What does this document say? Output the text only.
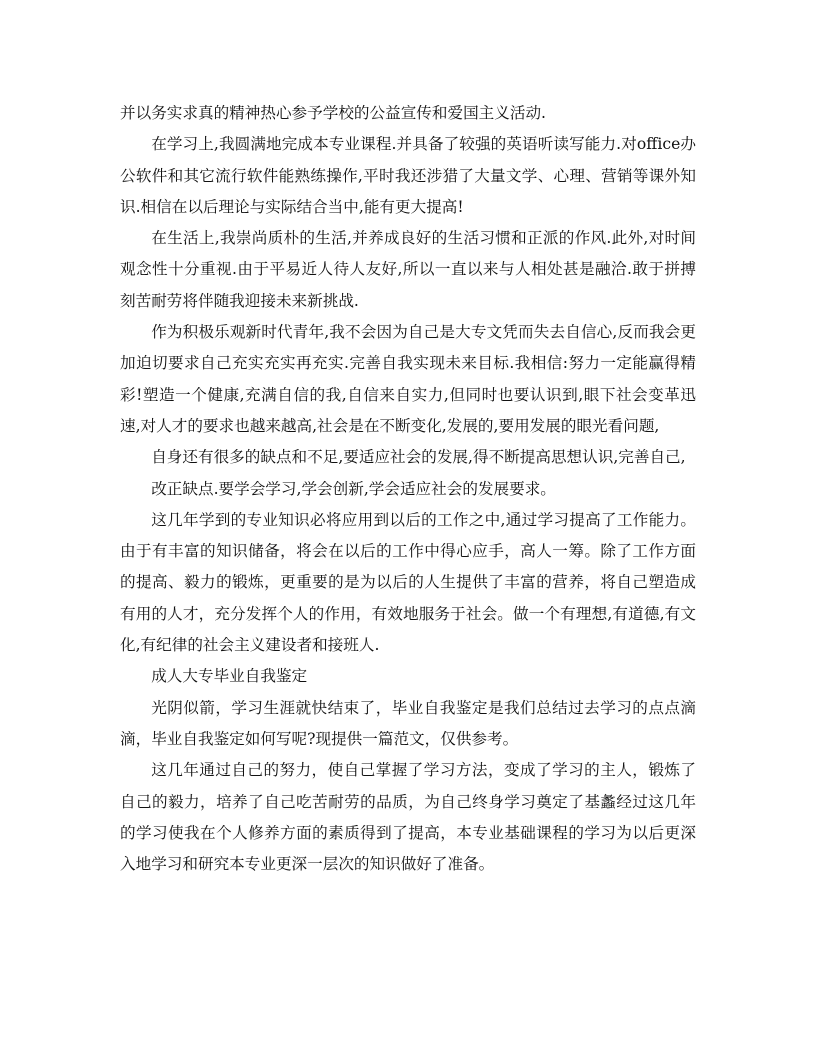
并以务实求真的精神热心参予学校的公益宣传和爱国主义活动.

在学习上,我圆满地完成本专业课程.并具备了较强的英语听读写能力.对office办公软件和其它流行软件能熟练操作,平时我还涉猎了大量文学、心理、营销等课外知识.相信在以后理论与实际结合当中,能有更大提高!

在生活上,我崇尚质朴的生活,并养成良好的生活习惯和正派的作风.此外,对时间观念性十分重视.由于平易近人待人友好,所以一直以来与人相处甚是融洽.敢于拼搏刻苦耐劳将伴随我迎接未来新挑战.

作为积极乐观新时代青年,我不会因为自己是大专文凭而失去自信心,反而我会更加迫切要求自己充实充实再充实.完善自我实现未来目标.我相信:努力一定能赢得精彩!塑造一个健康,充满自信的我,自信来自实力,但同时也要认识到,眼下社会变革迅速,对人才的要求也越来越高,社会是在不断变化,发展的,要用发展的眼光看问题,

自身还有很多的缺点和不足,要适应社会的发展,得不断提高思想认识,完善自己,

改正缺点.要学会学习,学会创新,学会适应社会的发展要求。

这几年学到的专业知识必将应用到以后的工作之中,通过学习提高了工作能力。由于有丰富的知识储备，将会在以后的工作中得心应手，高人一筹。除了工作方面的提高、毅力的锻炼，更重要的是为以后的人生提供了丰富的营养，将自己塑造成有用的人才，充分发挥个人的作用，有效地服务于社会。做一个有理想,有道德,有文化,有纪律的社会主义建设者和接班人.

成人大专毕业自我鉴定

光阴似箭，学习生涯就快结束了，毕业自我鉴定是我们总结过去学习的点点滴滴，毕业自我鉴定如何写呢?现提供一篇范文，仅供参考。

这几年通过自己的努力，使自己掌握了学习方法，变成了学习的主人，锻炼了自己的毅力，培养了自己吃苦耐劳的品质，为自己终身学习奠定了基蠡经过这几年的学习使我在个人修养方面的素质得到了提高，本专业基础课程的学习为以后更深入地学习和研究本专业更深一层次的知识做好了准备。
